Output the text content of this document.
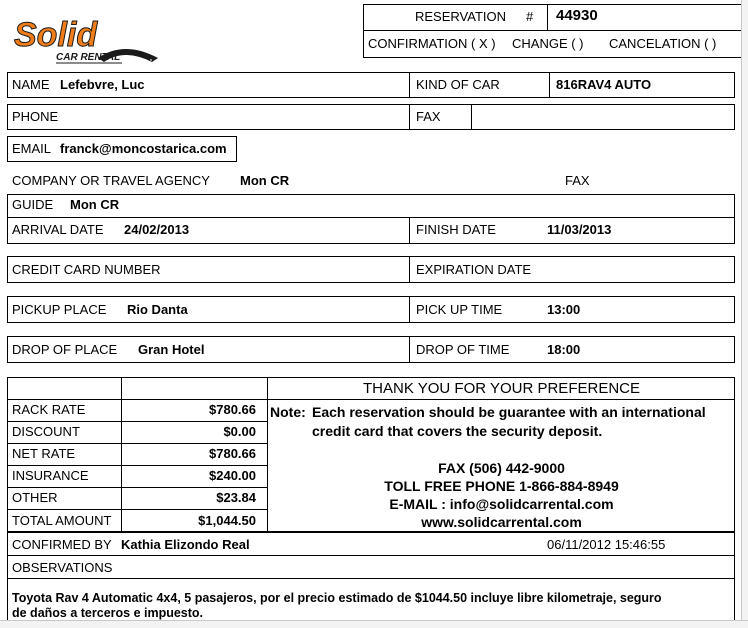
Solid
CAR RENTAL
RESERVATION # 44930
CONFIRMATION ( X ) CHANGE ( ) CANCELATION ( )
NAME Lefebvre, Luc	KIND OF CAR	816RAV4 AUTO
PHONE	FAX
EMAIL franck@moncostarica.com
COMPANY OR TRAVEL AGENCY Mon CR	FAX
GUIDE Mon CR
ARRIVAL DATE 24/02/2013	FINISH DATE	11/03/2013
CREDIT CARD NUMBER	EXPIRATION DATE
PICKUP PLACE Rio Danta	PICK UP TIME	13:00
DROP OF PLACE Gran Hotel	DROP OF TIME	18:00
RACK RATE	$780.66
DISCOUNT	$0.00
NET RATE	$780.66
INSURANCE	$240.00
OTHER	$23.84
TOTAL AMOUNT	$1,044.50
THANK YOU FOR YOUR PREFERENCE
Note: Each reservation should be guarantee with an international
credit card that covers the security deposit.
FAX (506) 442-9000
TOLL FREE PHONE 1-866-884-8949
E-MAIL : info@solidcarrental.com
www.solidcarrental.com
CONFIRMED BY Kathia Elizondo Real	06/11/2012 15:46:55
OBSERVATIONS
Toyota Rav 4 Automatic 4x4, 5 pasajeros, por el precio estimado de $1044.50 incluye libre kilometraje, seguro
de daños a terceros e impuesto.
